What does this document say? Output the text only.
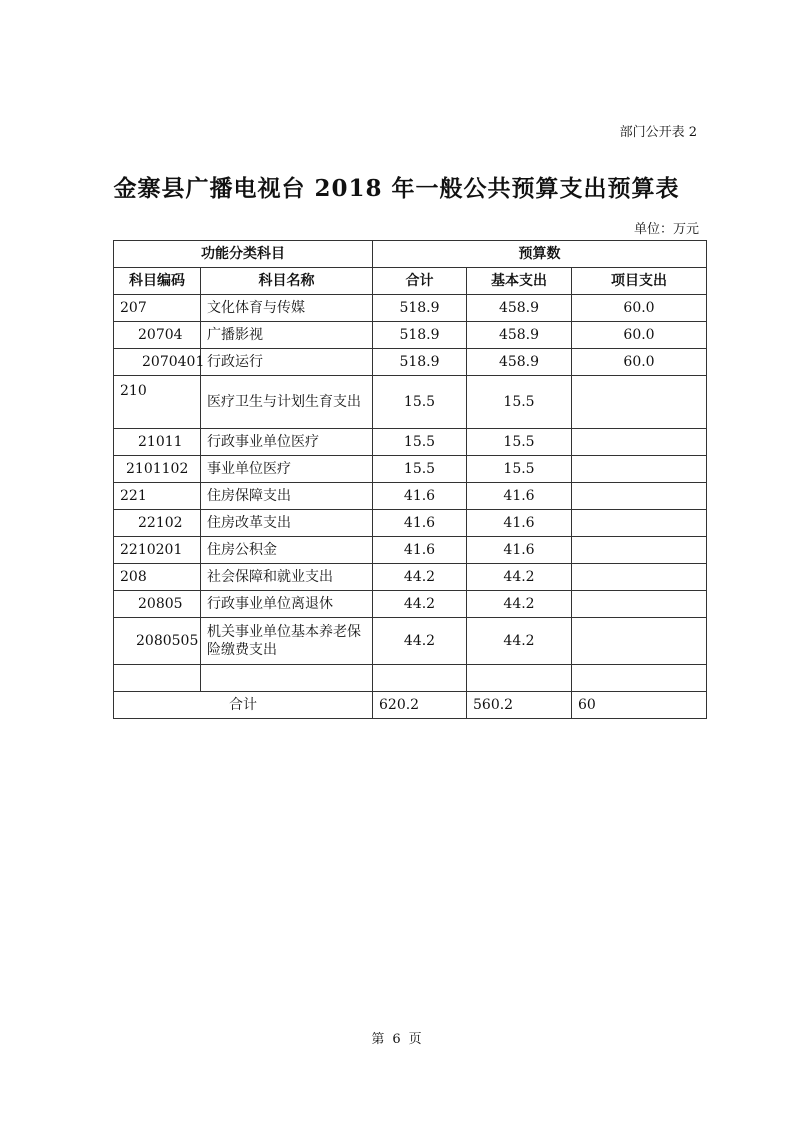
部门公开表 2
金寨县广播电视台 2018 年一般公共预算支出预算表
单位：万元
功能分类科目		预算数		
科目编码	科目名称	合计	基本支出	项目支出
207	文化体育与传媒	518.9	458.9	60.0
20704	广播影视	518.9	458.9	60.0
2070401	行政运行	518.9	458.9	60.0
210	医疗卫生与计划生育支出	15.5	15.5	
21011	行政事业单位医疗	15.5	15.5	
2101102	事业单位医疗	15.5	15.5	
221	住房保障支出	41.6	41.6	
22102	住房改革支出	41.6	41.6	
2210201	住房公积金	41.6	41.6	
208	社会保障和就业支出	44.2	44.2	
20805	行政事业单位离退休	44.2	44.2	
2080505	机关事业单位基本养老保险缴费支出	44.2	44.2	

合计		620.2	560.2	60
第 6 页
